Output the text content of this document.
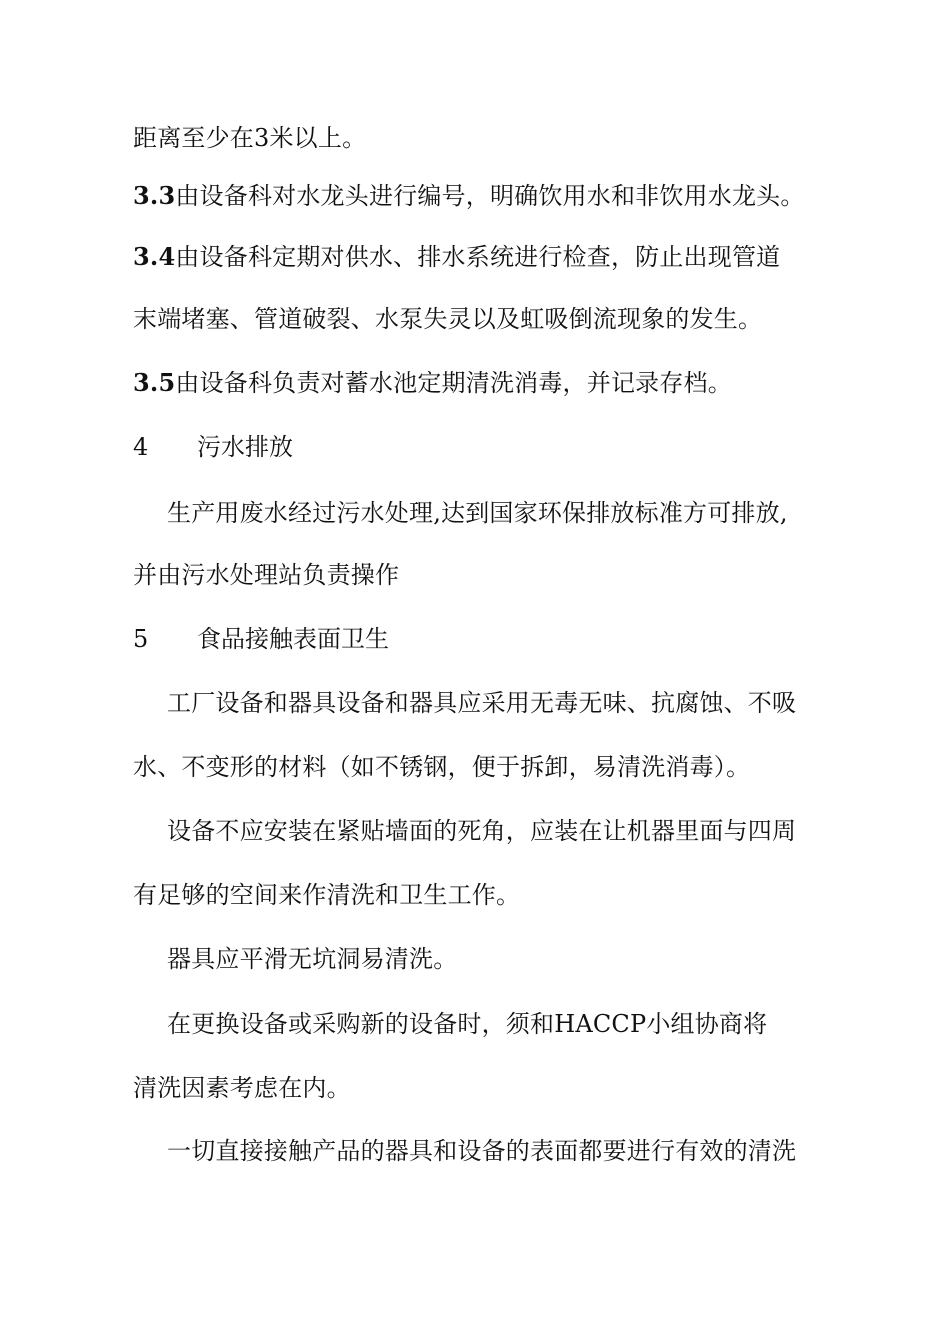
距离至少在3米以上。
3.3由设备科对水龙头进行编号，明确饮用水和非饮用水龙头。
3.4由设备科定期对供水、排水系统进行检查，防止出现管道
末端堵塞、管道破裂、水泵失灵以及虹吸倒流现象的发生。
3.5由设备科负责对蓄水池定期清洗消毒，并记录存档。
4 污水排放
生产用废水经过污水处理,达到国家环保排放标准方可排放,
并由污水处理站负责操作
5 食品接触表面卫生
工厂设备和器具设备和器具应采用无毒无味、抗腐蚀、不吸
水、不变形的材料（如不锈钢，便于拆卸，易清洗消毒）。
设备不应安装在紧贴墙面的死角，应装在让机器里面与四周
有足够的空间来作清洗和卫生工作。
器具应平滑无坑洞易清洗。
在更换设备或采购新的设备时，须和HACCP小组协商将
清洗因素考虑在内。
一切直接接触产品的器具和设备的表面都要进行有效的清洗
